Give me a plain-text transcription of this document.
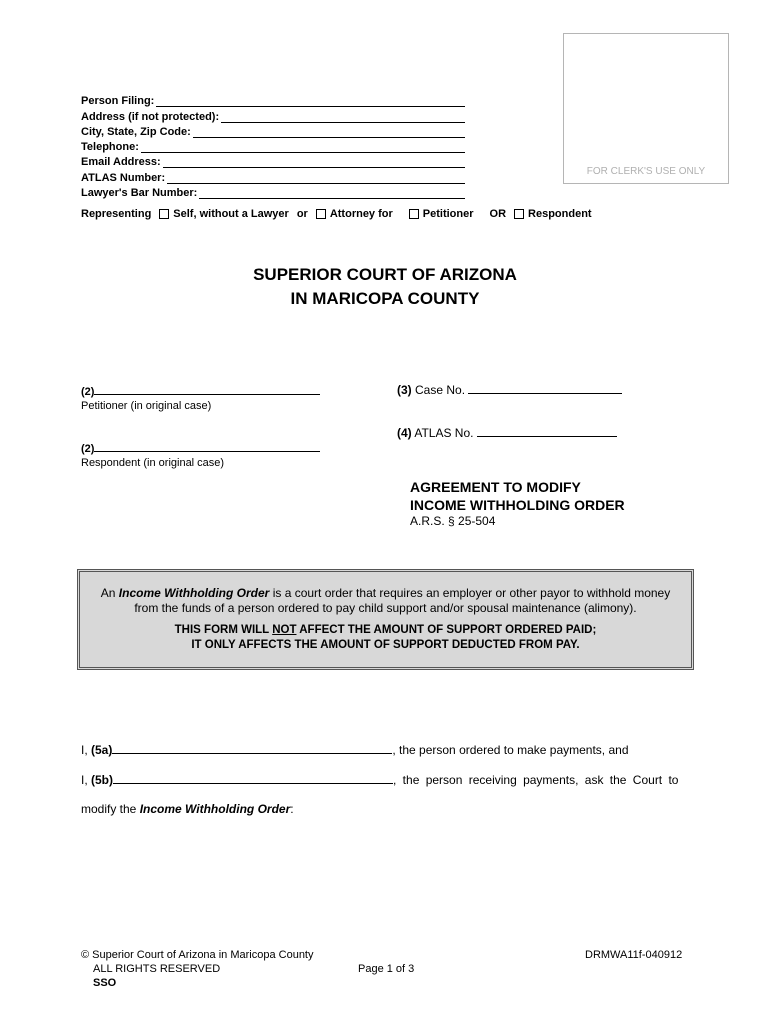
FOR CLERK'S USE ONLY
Person Filing:
Address (if not protected):
City, State, Zip Code:
Telephone:
Email Address:
ATLAS Number:
Lawyer's Bar Number:
Representing Self, without a Lawyer or Attorney for	Petitioner OR Respondent
SUPERIOR COURT OF ARIZONA
IN MARICOPA COUNTY
(2)
Petitioner (in original case)
(2)
Respondent (in original case)
(3) Case No.
(4) ATLAS No.
AGREEMENT TO MODIFY
INCOME WITHHOLDING ORDER
A.R.S. § 25-504
An Income Withholding Order is a court order that requires an employer or other payor to withhold money from the funds of a person ordered to pay child support and/or spousal maintenance (alimony).
THIS FORM WILL NOT AFFECT THE AMOUNT OF SUPPORT ORDERED PAID;
IT ONLY AFFECTS THE AMOUNT OF SUPPORT DEDUCTED FROM PAY.
I, (5a)	, the person ordered to make payments, and
I, (5b)	, the person receiving payments, ask the Court to
modify the Income Withholding Order:
© Superior Court of Arizona in Maricopa County
ALL RIGHTS RESERVED
SSO
Page 1 of 3
DRMWA11f-040912
